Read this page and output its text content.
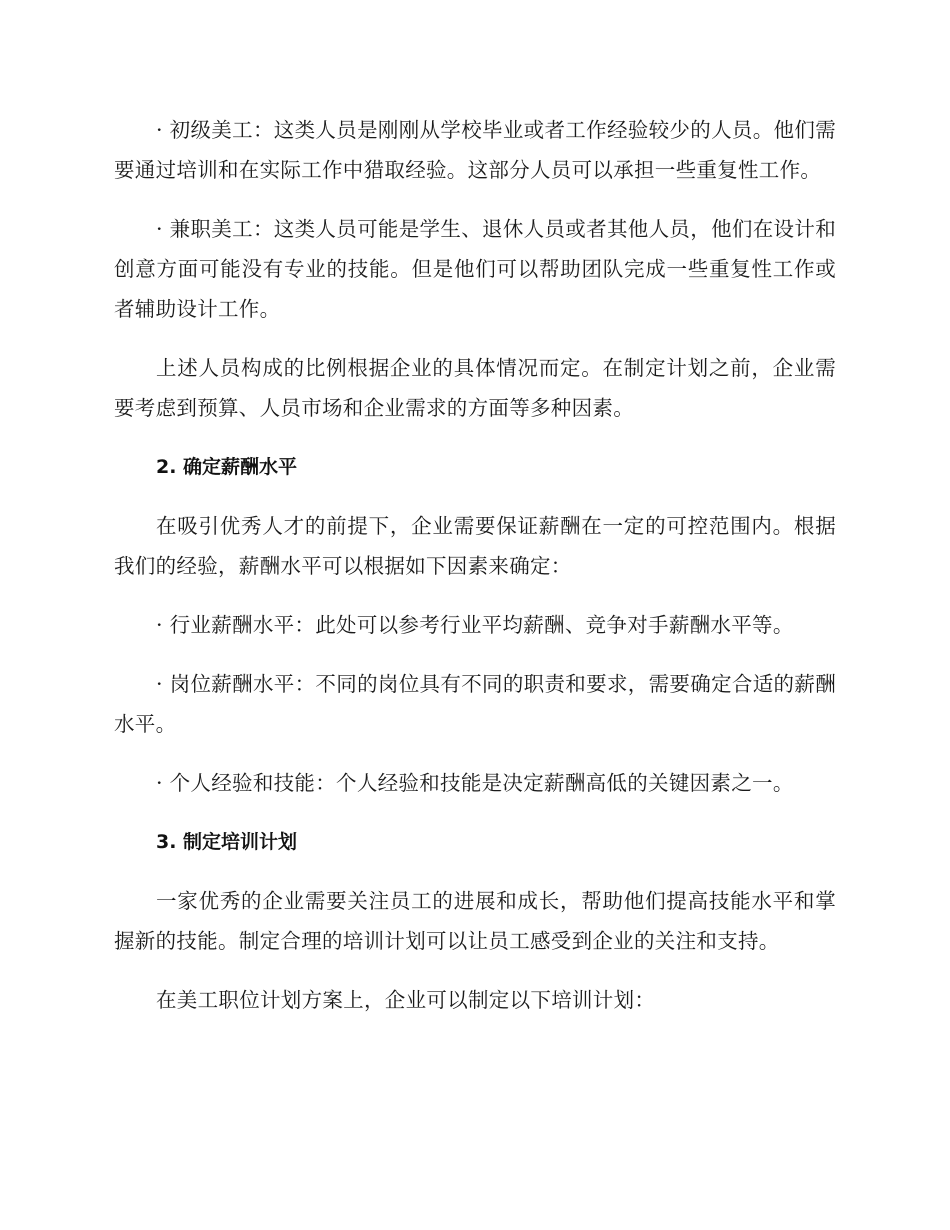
· 初级美工：这类人员是刚刚从学校毕业或者工作经验较少的人员。他们需要通过培训和在实际工作中猎取经验。这部分人员可以承担一些重复性工作。

· 兼职美工：这类人员可能是学生、退休人员或者其他人员，他们在设计和创意方面可能没有专业的技能。但是他们可以帮助团队完成一些重复性工作或者辅助设计工作。

上述人员构成的比例根据企业的具体情况而定。在制定计划之前，企业需要考虑到预算、人员市场和企业需求的方面等多种因素。

2. 确定薪酬水平

在吸引优秀人才的前提下，企业需要保证薪酬在一定的可控范围内。根据我们的经验，薪酬水平可以根据如下因素来确定：

· 行业薪酬水平：此处可以参考行业平均薪酬、竞争对手薪酬水平等。

· 岗位薪酬水平：不同的岗位具有不同的职责和要求，需要确定合适的薪酬水平。

· 个人经验和技能：个人经验和技能是决定薪酬高低的关键因素之一。

3. 制定培训计划

一家优秀的企业需要关注员工的进展和成长，帮助他们提高技能水平和掌握新的技能。制定合理的培训计划可以让员工感受到企业的关注和支持。

在美工职位计划方案上，企业可以制定以下培训计划：
